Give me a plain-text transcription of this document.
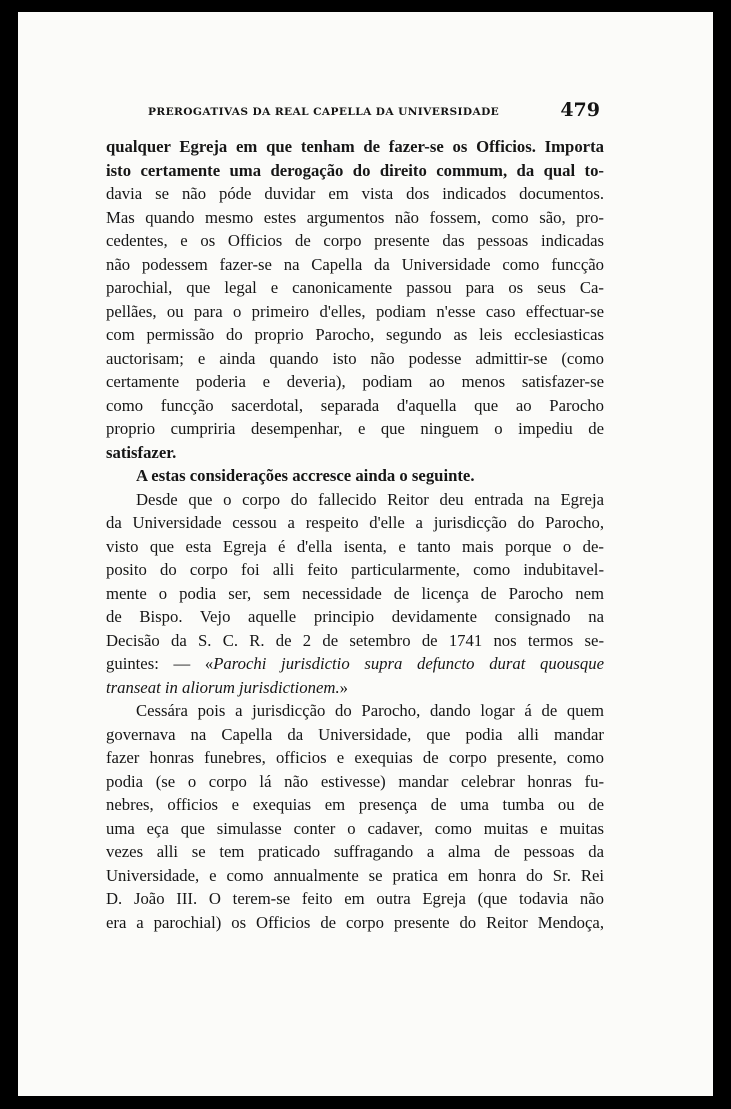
PREROGATIVAS DA REAL CAPELLA DA UNIVERSIDADE	479
qualquer Egreja em que tenham de fazer-se os Officios. Importa
isto certamente uma derogação do direito commum, da qual to-
davia se não póde duvidar em vista dos indicados documentos.
Mas quando mesmo estes argumentos não fossem, como são, pro-
cedentes, e os Officios de corpo presente das pessoas indicadas
não podessem fazer-se na Capella da Universidade como funcção
parochial, que legal e canonicamente passou para os seus Ca-
pellães, ou para o primeiro d'elles, podiam n'esse caso effectuar-se
com permissão do proprio Parocho, segundo as leis ecclesiasticas
auctorisam; e ainda quando isto não podesse admittir-se (como
certamente poderia e deveria), podiam ao menos satisfazer-se
como funcção sacerdotal, separada d'aquella que ao Parocho
proprio cumpriria desempenhar, e que ninguem o impediu de
satisfazer.
A estas considerações accresce ainda o seguinte.
Desde que o corpo do fallecido Reitor deu entrada na Egreja
da Universidade cessou a respeito d'elle a jurisdicção do Parocho,
visto que esta Egreja é d'ella isenta, e tanto mais porque o de-
posito do corpo foi alli feito particularmente, como indubitavel-
mente o podia ser, sem necessidade de licença de Parocho nem
de Bispo. Vejo aquelle principio devidamente consignado na
Decisão da S. C. R. de 2 de setembro de 1741 nos termos se-
guintes: — «Parochi jurisdictio supra defuncto durat quousque
transeat in aliorum jurisdictionem.»
Cessára pois a jurisdicção do Parocho, dando logar á de quem
governava na Capella da Universidade, que podia alli mandar
fazer honras funebres, officios e exequias de corpo presente, como
podia (se o corpo lá não estivesse) mandar celebrar honras fu-
nebres, officios e exequias em presença de uma tumba ou de
uma eça que simulasse conter o cadaver, como muitas e muitas
vezes alli se tem praticado suffragando a alma de pessoas da
Universidade, e como annualmente se pratica em honra do Sr. Rei
D. João III. O terem-se feito em outra Egreja (que todavia não
era a parochial) os Officios de corpo presente do Reitor Mendoça,
